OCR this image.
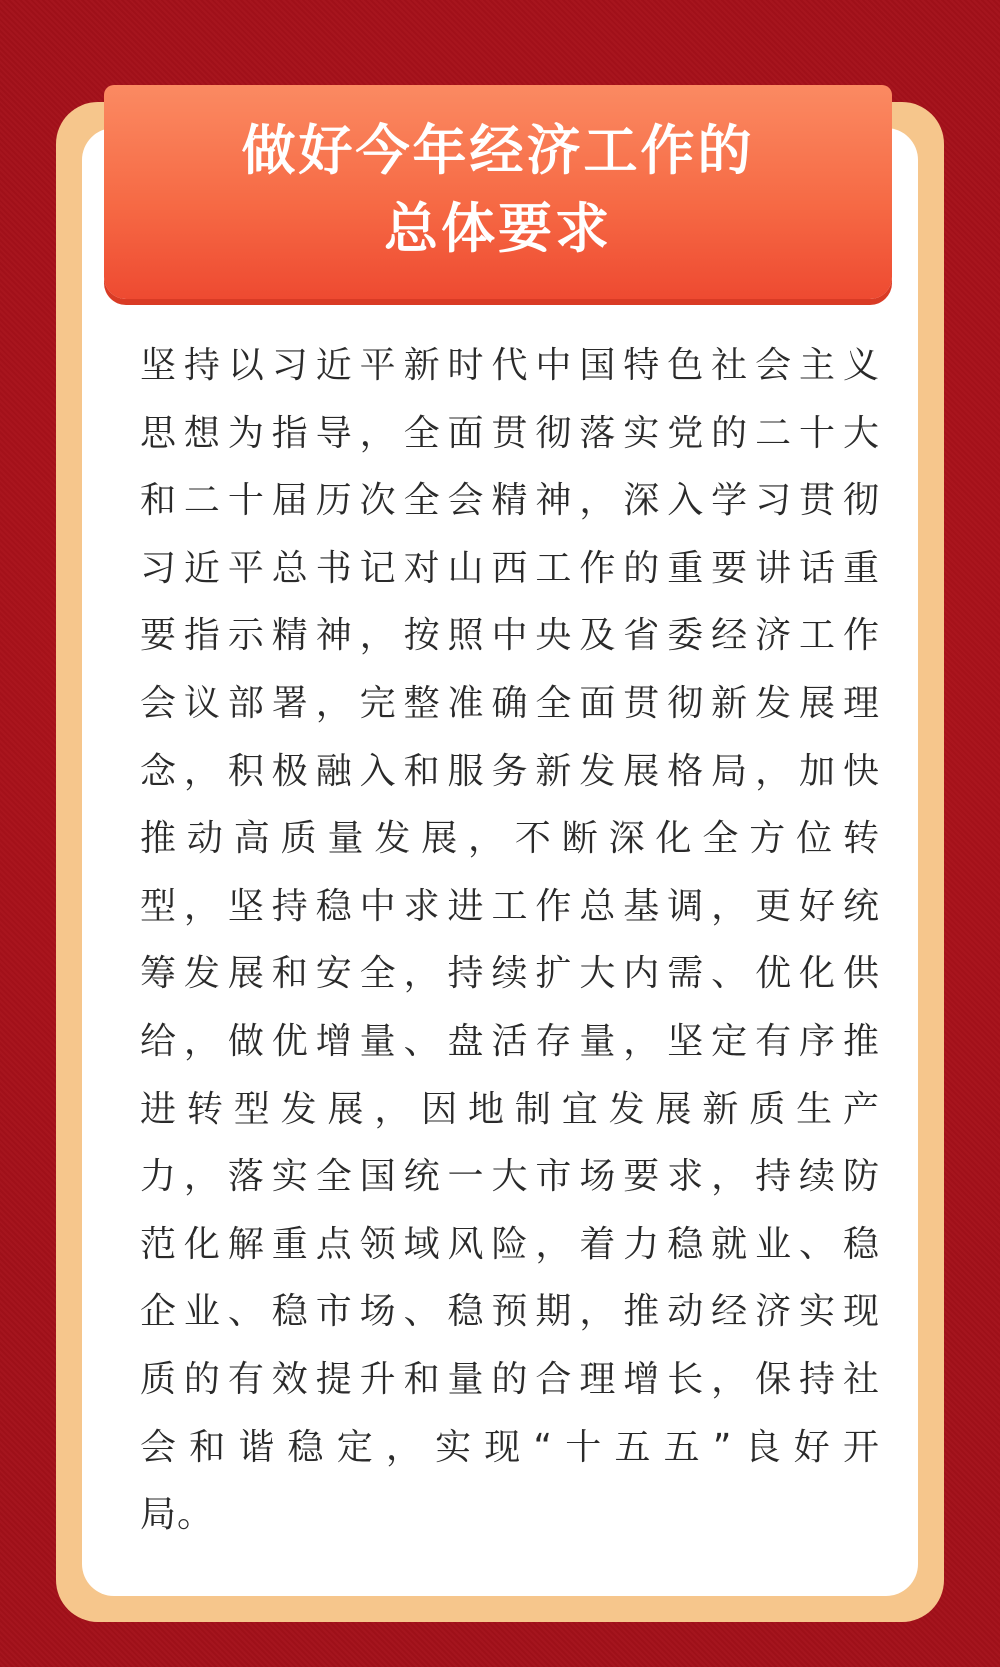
做好今年经济工作的
总体要求
坚持以习近平新时代中国特色社会主义
思想为指导，全面贯彻落实党的二十大
和二十届历次全会精神，深入学习贯彻
习近平总书记对山西工作的重要讲话重
要指示精神，按照中央及省委经济工作
会议部署，完整准确全面贯彻新发展理
念，积极融入和服务新发展格局，加快
推动高质量发展，不断深化全方位转
型，坚持稳中求进工作总基调，更好统
筹发展和安全，持续扩大内需、优化供
给，做优增量、盘活存量，坚定有序推
进转型发展，因地制宜发展新质生产
力，落实全国统一大市场要求，持续防
范化解重点领域风险，着力稳就业、稳
企业、稳市场、稳预期，推动经济实现
质的有效提升和量的合理增长，保持社
会和谐稳定，实现“十五五”良好开
局。
